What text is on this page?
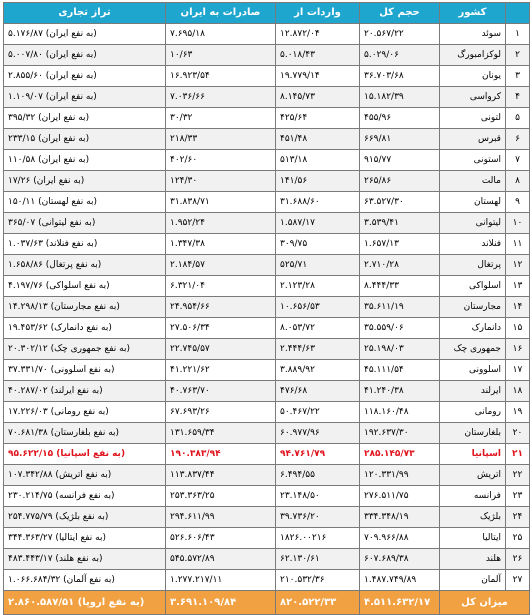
	کشور	حجم کل	واردات از	صادرات به ایران	تراز تجاری
۱	سوئد	۲۰.۵۶۷/۲۲	۱۲.۸۷۲/۰۴	۷.۶۹۵/۱۸	۵.۱۷۶/۸۷ (به نفع ایران)
۲	لوکزامبورگ	۵.۰۲۹/۰۶	۵.۰۱۸/۴۳	۱۰/۶۳	۵.۰۰۷/۸۰ (به نفع ایران)
۳	یونان	۳۶.۷۰۳/۶۸	۱۹.۷۷۹/۱۴	۱۶.۹۲۳/۵۴	۲.۸۵۵/۶۰ (به نفع ایران)
۴	کرواسی	۱۵.۱۸۲/۳۹	۸.۱۴۵/۷۳	۷.۰۳۶/۶۶	۱.۱۰۹/۰۷ (به نفع ایران)
۵	لتونی	۴۵۵/۹۶	۴۲۵/۶۴	۳۰/۳۲	۳۹۵/۳۲ (به نفع ایران)
۶	قبرس	۶۶۹/۸۱	۴۵۱/۴۸	۲۱۸/۳۳	۲۳۳/۱۵ (به نفع ایران)
۷	استونی	۹۱۵/۷۷	۵۱۳/۱۸	۴۰۲/۶۰	۱۱۰/۵۸ (به نفع ایران)
۸	مالت	۲۶۵/۸۶	۱۴۱/۵۶	۱۲۴/۳۰	۱۷/۲۶ (به نفع ایران)
۹	لهستان	۶۳.۵۲۷/۳۰	۳۱.۶۸۸/۶۰	۳۱.۸۳۸/۷۱	۱۵۰/۱۱ (به نفع لهستان)
۱۰	لیتوانی	۳.۵۳۹/۴۱	۱.۵۸۷/۱۷	۱.۹۵۲/۲۴	۳۶۵/۰۷ (به نفع لیتوانی)
۱۱	فنلاند	۱.۶۵۷/۱۳	۳۰۹/۷۵	۱.۳۴۷/۳۸	۱.۰۳۷/۶۳ (به نفع فنلاند)
۱۲	پرتغال	۲.۷۱۰/۲۸	۵۲۵/۷۱	۲.۱۸۴/۵۷	۱.۶۵۸/۸۶ (به نفع پرتغال)
۱۳	اسلواکی	۸.۴۴۴/۳۳	۲.۱۲۳/۲۸	۶.۳۲۱/۰۴	۴.۱۹۷/۷۶ (به نفع اسلواکی)
۱۴	مجارستان	۳۵.۶۱۱/۱۹	۱۰.۶۵۶/۵۳	۲۴.۹۵۴/۶۶	۱۴.۲۹۸/۱۳ (به نفع مجارستان)
۱۵	دانمارک	۳۵.۵۵۹/۰۶	۸.۰۵۳/۷۲	۲۷.۵۰۶/۳۴	۱۹.۴۵۳/۶۲ (به نفع دانمارک)
۱۶	جمهوری چک	۲۵.۱۹۸/۰۳	۲.۴۴۴/۶۳	۲۲.۷۴۵/۵۷	۲۰.۳۰۲/۱۲ (به نفع جمهوری چک)
۱۷	اسلوونی	۴۵.۱۱۱/۵۴	۳.۸۸۹/۹۲	۴۱.۲۲۱/۶۲	۳۷.۳۳۱/۷۰ (به نفع اسلوونی)
۱۸	ایرلند	۴۱.۲۴۰/۳۸	۴۷۶/۶۸	۴۰.۷۶۳/۷۰	۴۰.۲۸۷/۰۲ (به نفع ایرلند)
۱۹	رومانی	۱۱۸.۱۶۰/۴۸	۵۰.۴۶۷/۲۲	۶۷.۶۹۳/۲۶	۱۷.۲۲۶/۰۳ (به نفع رومانی)
۲۰	بلغارستان	۱۹۲.۶۳۷/۳۰	۶۰.۹۷۷/۹۶	۱۳۱.۶۵۹/۳۴	۷۰.۶۸۱/۳۸ (به نفع بلغارستان)
۲۱	اسپانیا	۲۸۵.۱۴۵/۷۳	۹۴.۷۶۱/۷۹	۱۹۰.۳۸۳/۹۴	۹۵.۶۲۲/۱۵ (به نفع اسپانیا)
۲۲	اتریش	۱۲۰.۳۳۱/۹۹	۶.۴۹۴/۵۵	۱۱۳.۸۳۷/۴۴	۱۰۷.۳۴۲/۸۸ (به نفع اتریش)
۲۳	فرانسه	۲۷۶.۵۱۱/۷۵	۲۳.۱۴۸/۵۰	۲۵۳.۳۶۳/۲۵	۲۳۰.۲۱۴/۷۵ (به نفع فرانسه)
۲۴	بلژیک	۳۳۴.۳۴۸/۱۹	۳۹.۷۳۶/۲۰	۲۹۴.۶۱۱/۹۹	۲۵۴.۷۷۵/۷۹ (به نفع بلژیک)
۲۵	ایتالیا	۷۰۹.۹۶۶/۸۸	۱۸۲۶.۰۰۲۱۶	۵۲۶.۶۰۶/۴۳	۳۴۴.۳۶۳/۲۷ (به نفع ایتالیا)
۲۶	هلند	۶۰۷.۶۸۹/۳۸	۶۲.۱۳۰/۶۱	۵۴۵.۵۷۲/۸۹	۴۸۳.۴۴۳/۱۷ (به نفع هلند)
۲۷	آلمان	۱.۴۸۷.۷۴۹/۸۹	۲۱۰.۵۳۲/۳۶	۱.۲۷۷.۲۱۷/۱۱	۱.۰۶۶.۶۸۴/۳۲ (به نفع آلمان)
میزان کل		۴.۵۱۱.۶۳۲/۱۷	۸۲۰.۵۲۲/۳۳	۳.۶۹۱.۱۰۹/۸۴	۲.۸۶۰.۵۸۷/۵۱ (به نفع اروپا)
